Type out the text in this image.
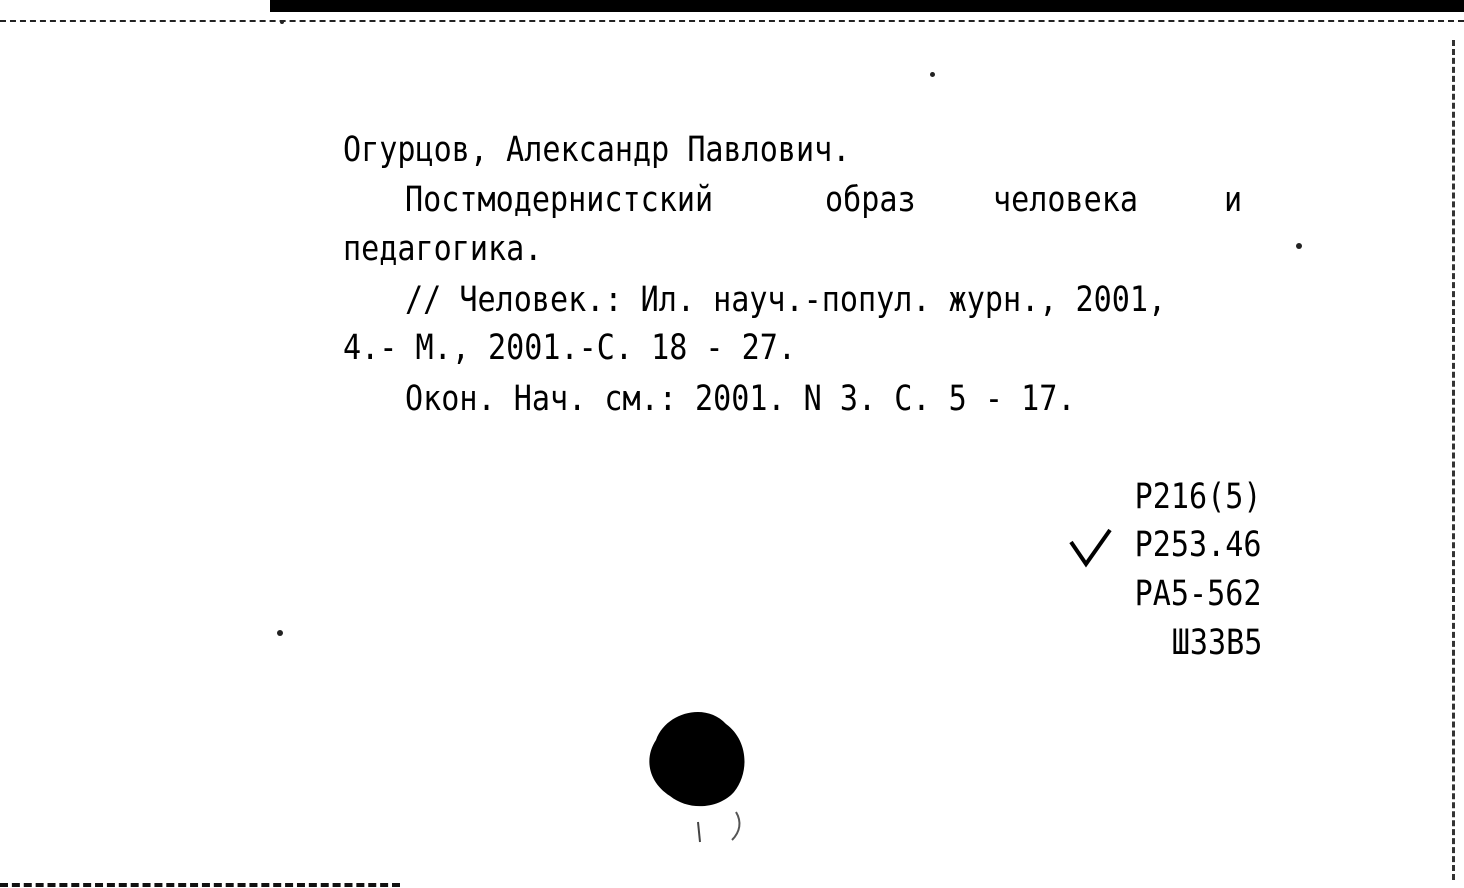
Огурцов, Александр Павлович.
Постмодернистский	образ человека и
педагогика.
// Человек.: Ил. науч.-попул. журн., 2001,
4.- М., 2001.-С. 18 - 27.
Окон. Нач. см.: 2001. N 3. С. 5 - 17.
P216(5)
P253.46
PA5-562
Ш33В5
